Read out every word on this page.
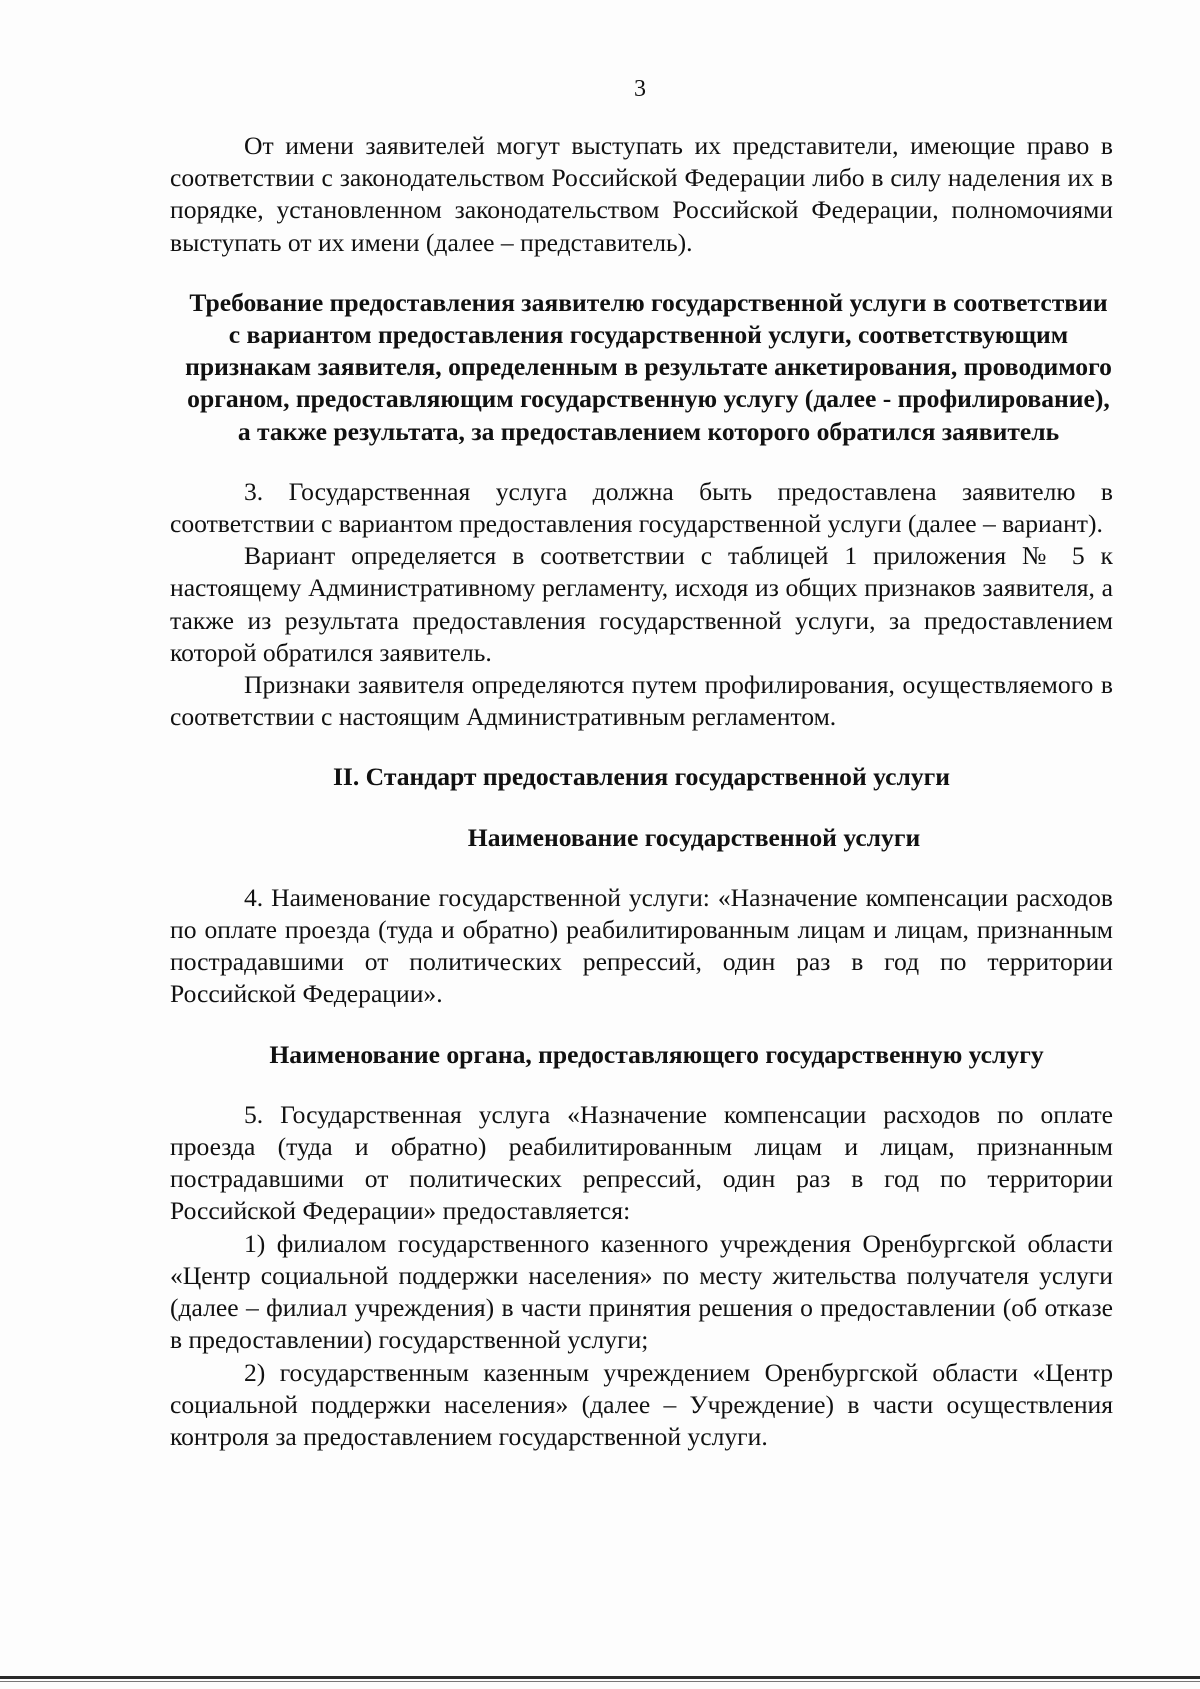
3

От имени заявителей могут выступать их представители, имеющие право в соответствии с законодательством Российской Федерации либо в силу наделения их в порядке, установленном законодательством Российской Федерации, полномочиями выступать от их имени (далее – представитель).

Требование предоставления заявителю государственной услуги в соответствии с вариантом предоставления государственной услуги, соответствующим признакам заявителя, определенным в результате анкетирования, проводимого органом, предоставляющим государственную услугу (далее - профилирование), а также результата, за предоставлением которого обратился заявитель

3. Государственная услуга должна быть предоставлена заявителю в соответствии с вариантом предоставления государственной услуги (далее – вариант).

Вариант определяется в соответствии с таблицей 1 приложения № 5 к настоящему Административному регламенту, исходя из общих признаков заявителя, а также из результата предоставления государственной услуги, за предоставлением которой обратился заявитель.

Признаки заявителя определяются путем профилирования, осуществляемого в соответствии с настоящим Административным регламентом.

II. Стандарт предоставления государственной услуги
Наименование государственной услуги

4. Наименование государственной услуги: «Назначение компенсации расходов по оплате проезда (туда и обратно) реабилитированным лицам и лицам, признанным пострадавшими от политических репрессий, один раз в год по территории Российской Федерации».

Наименование органа, предоставляющего государственную услугу

5. Государственная услуга «Назначение компенсации расходов по оплате проезда (туда и обратно) реабилитированным лицам и лицам, признанным пострадавшими от политических репрессий, один раз в год по территории Российской Федерации» предоставляется:

1) филиалом государственного казенного учреждения Оренбургской области «Центр социальной поддержки населения» по месту жительства получателя услуги (далее – филиал учреждения) в части принятия решения о предоставлении (об отказе в предоставлении) государственной услуги;

2) государственным казенным учреждением Оренбургской области «Центр социальной поддержки населения» (далее – Учреждение) в части осуществления контроля за предоставлением государственной услуги.
